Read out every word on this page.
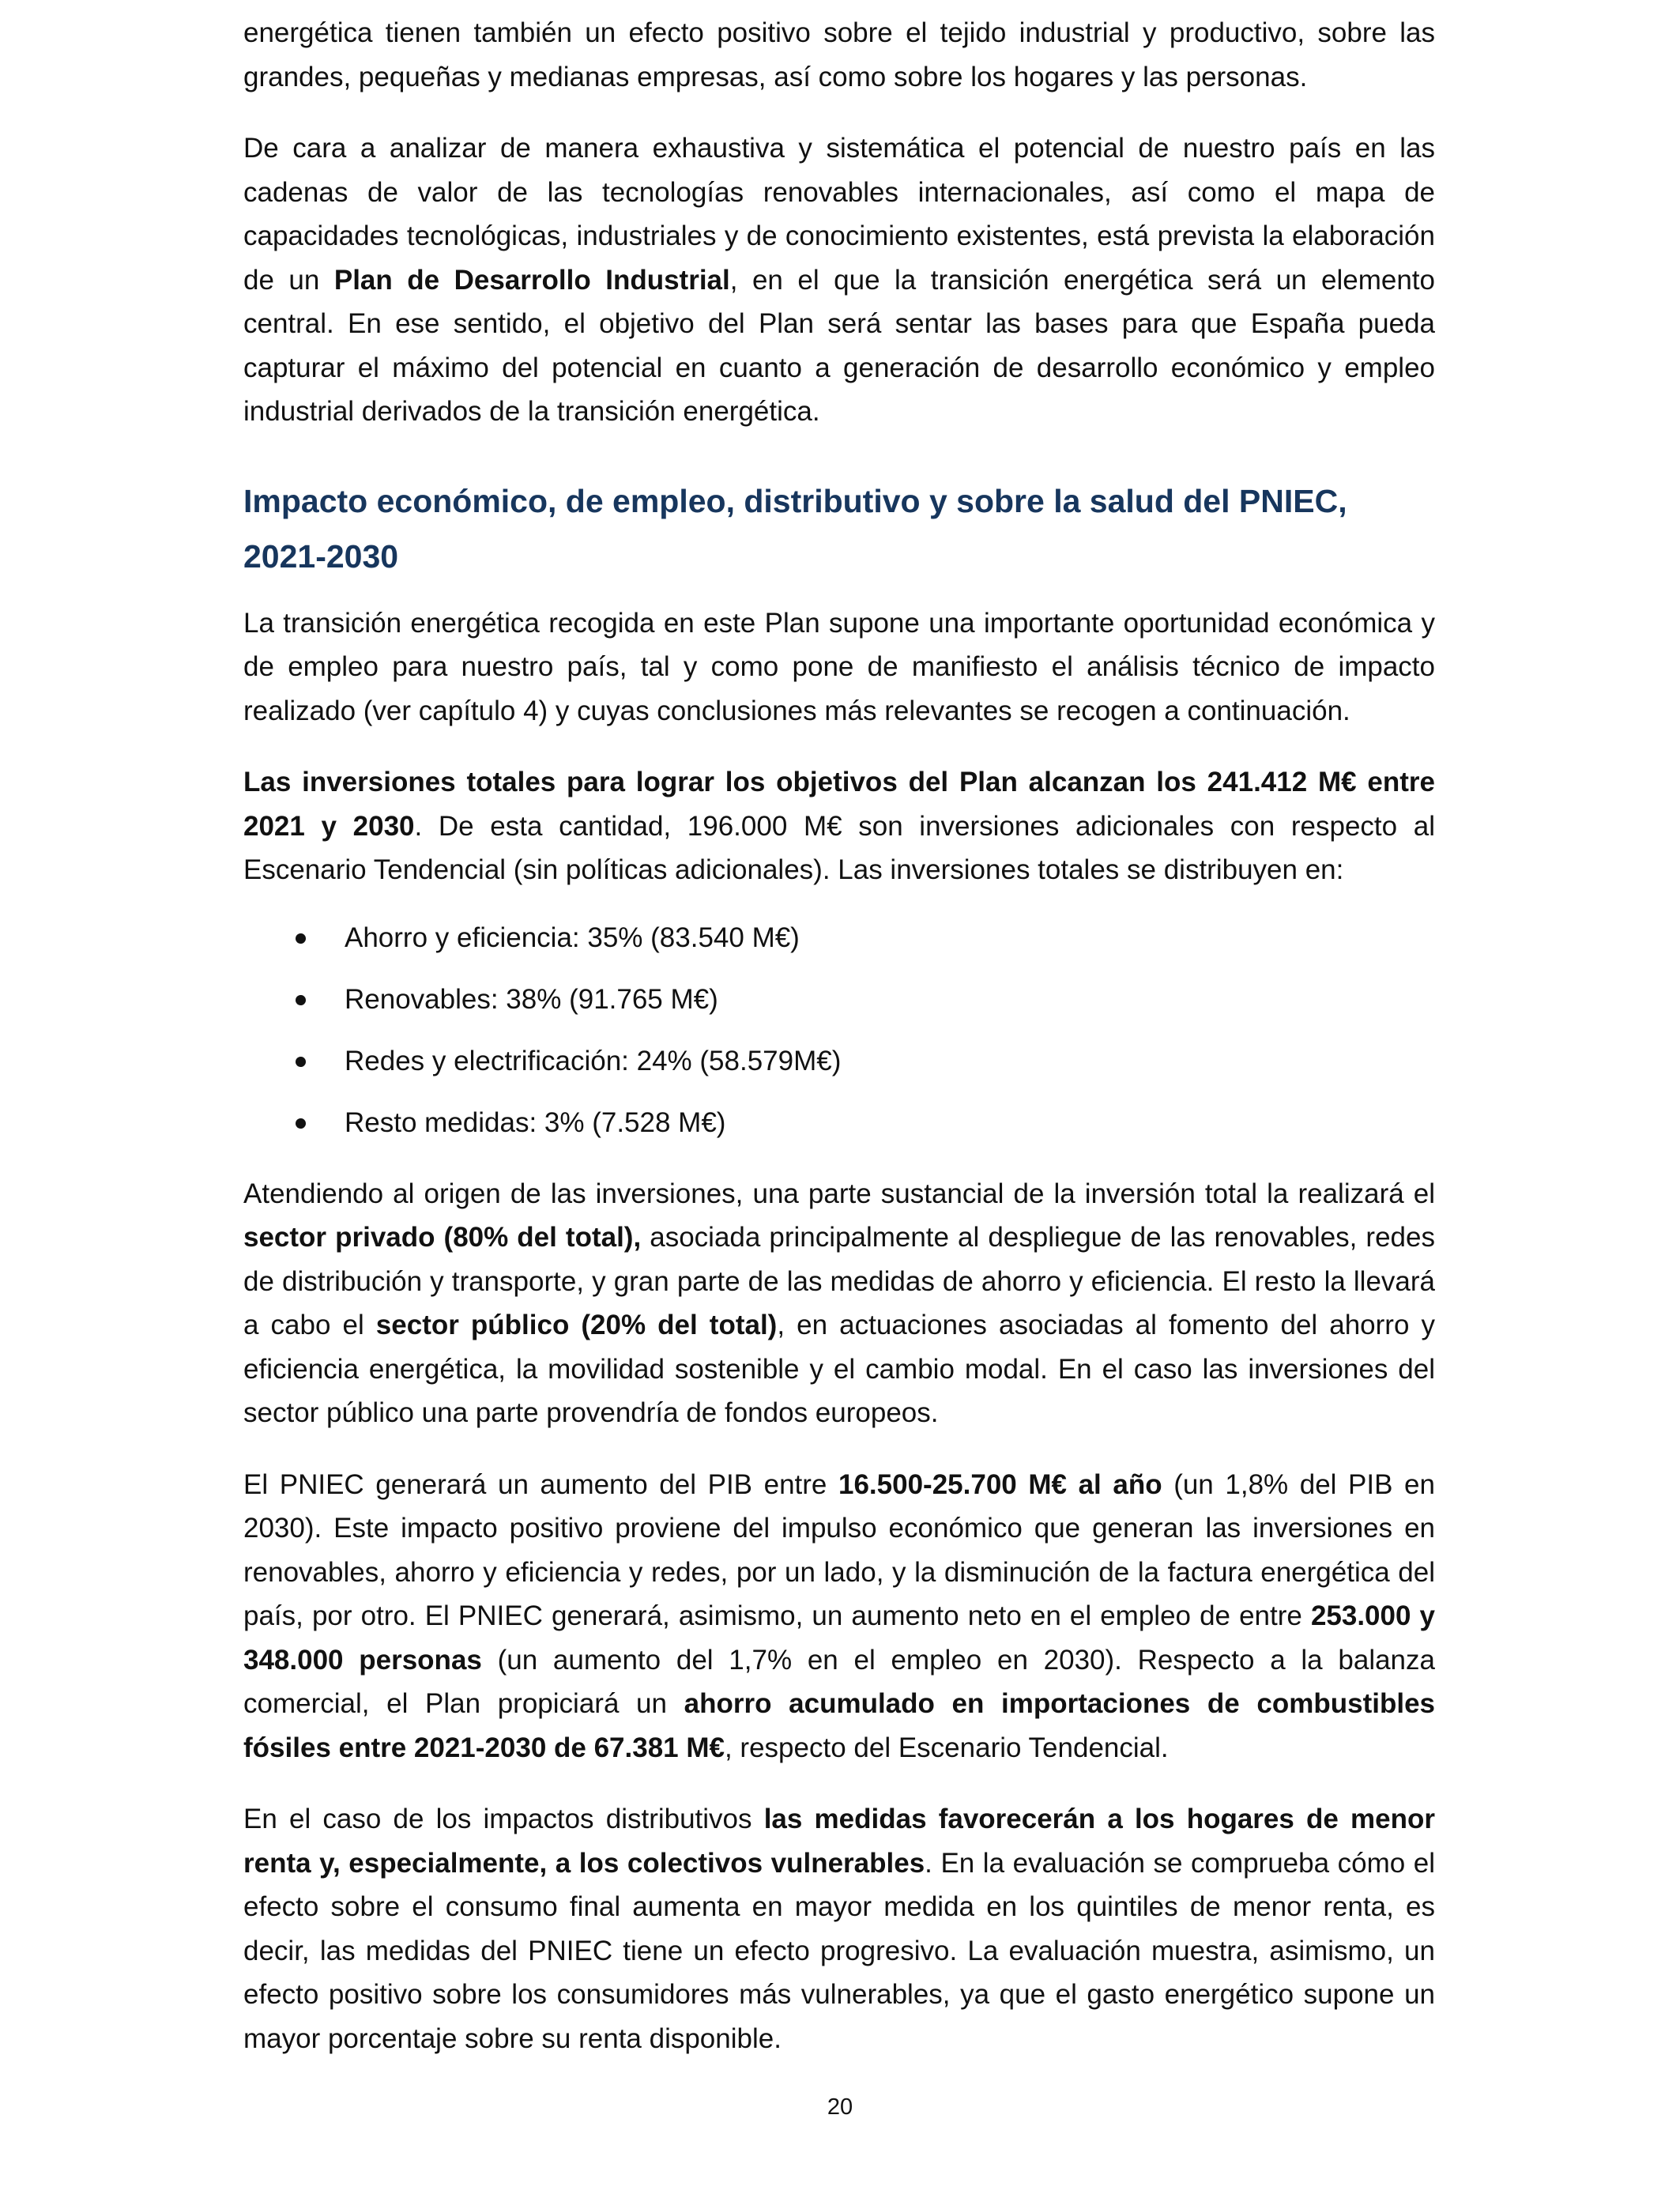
energética tienen también un efecto positivo sobre el tejido industrial y productivo, sobre las grandes, pequeñas y medianas empresas, así como sobre los hogares y las personas.

De cara a analizar de manera exhaustiva y sistemática el potencial de nuestro país en las cadenas de valor de las tecnologías renovables internacionales, así como el mapa de capacidades tecnológicas, industriales y de conocimiento existentes, está prevista la elaboración de un Plan de Desarrollo Industrial, en el que la transición energética será un elemento central. En ese sentido, el objetivo del Plan será sentar las bases para que España pueda capturar el máximo del potencial en cuanto a generación de desarrollo económico y empleo industrial derivados de la transición energética.

Impacto económico, de empleo, distributivo y sobre la salud del PNIEC, 2021-2030

La transición energética recogida en este Plan supone una importante oportunidad económica y de empleo para nuestro país, tal y como pone de manifiesto el análisis técnico de impacto realizado (ver capítulo 4) y cuyas conclusiones más relevantes se recogen a continuación.

Las inversiones totales para lograr los objetivos del Plan alcanzan los 241.412 M€ entre 2021 y 2030. De esta cantidad, 196.000 M€ son inversiones adicionales con respecto al Escenario Tendencial (sin políticas adicionales). Las inversiones totales se distribuyen en:

Ahorro y eficiencia: 35% (83.540 M€)
Renovables: 38% (91.765 M€)
Redes y electrificación: 24% (58.579M€)
Resto medidas: 3% (7.528 M€)

Atendiendo al origen de las inversiones, una parte sustancial de la inversión total la realizará el sector privado (80% del total), asociada principalmente al despliegue de las renovables, redes de distribución y transporte, y gran parte de las medidas de ahorro y eficiencia. El resto la llevará a cabo el sector público (20% del total), en actuaciones asociadas al fomento del ahorro y eficiencia energética, la movilidad sostenible y el cambio modal. En el caso las inversiones del sector público una parte provendría de fondos europeos.

El PNIEC generará un aumento del PIB entre 16.500-25.700 M€ al año (un 1,8% del PIB en 2030). Este impacto positivo proviene del impulso económico que generan las inversiones en renovables, ahorro y eficiencia y redes, por un lado, y la disminución de la factura energética del país, por otro. El PNIEC generará, asimismo, un aumento neto en el empleo de entre 253.000 y 348.000 personas (un aumento del 1,7% en el empleo en 2030). Respecto a la balanza comercial, el Plan propiciará un ahorro acumulado en importaciones de combustibles fósiles entre 2021-2030 de 67.381 M€, respecto del Escenario Tendencial.

En el caso de los impactos distributivos las medidas favorecerán a los hogares de menor renta y, especialmente, a los colectivos vulnerables. En la evaluación se comprueba cómo el efecto sobre el consumo final aumenta en mayor medida en los quintiles de menor renta, es decir, las medidas del PNIEC tiene un efecto progresivo. La evaluación muestra, asimismo, un efecto positivo sobre los consumidores más vulnerables, ya que el gasto energético supone un mayor porcentaje sobre su renta disponible.

20
